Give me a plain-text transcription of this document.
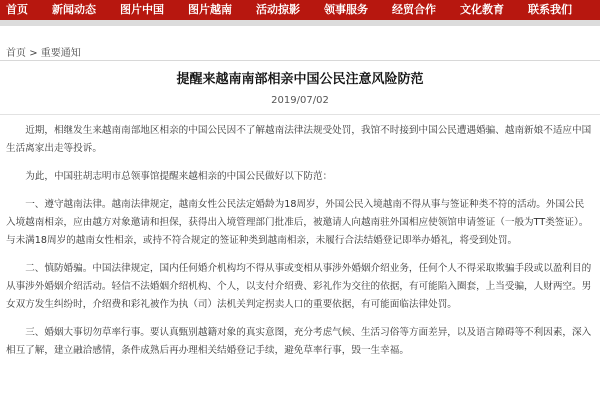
首页 新闻动态 图片中国 图片越南 活动掠影 领事服务 经贸合作 文化教育 联系我们
首页 > 重要通知
提醒来越南南部相亲中国公民注意风险防范
2019/07/02

近期，相继发生来越南南部地区相亲的中国公民因不了解越南法律法规受处罚，我馆不时接到中国公民遭遇婚骗、越南新娘不适应中国生活离家出走等投诉。

为此，中国驻胡志明市总领事馆提醒来越相亲的中国公民做好以下防范：

一、遵守越南法律。越南法律规定，越南女性公民法定婚龄为18周岁，外国公民入境越南不得从事与签证种类不符的活动。外国公民入境越南相亲，应由越方对象邀请和担保，获得出入境管理部门批准后，被邀请人向越南驻外国相应使领馆申请签证（一般为TT类签证）。与未满18周岁的越南女性相亲，或持不符合规定的签证种类到越南相亲，未履行合法结婚登记即举办婚礼，将受到处罚。

二、慎防婚骗。中国法律规定，国内任何婚介机构均不得从事或变相从事涉外婚姻介绍业务，任何个人不得采取欺骗手段或以盈利目的从事涉外婚姻介绍活动。轻信不法婚姻介绍机构、个人，以支付介绍费、彩礼作为交往的依据，有可能陷入圈套，上当受骗，人财两空。男女双方发生纠纷时，介绍费和彩礼被作为执（司）法机关判定拐卖人口的重要依据，有可能面临法律处罚。

三、婚姻大事切勿草率行事。要认真甄别越籍对象的真实意图，充分考虑气候、生活习俗等方面差异，以及语言障碍等不利因素，深入相互了解，建立融洽感情，条件成熟后再办理相关结婚登记手续，避免草率行事，毁一生幸福。
